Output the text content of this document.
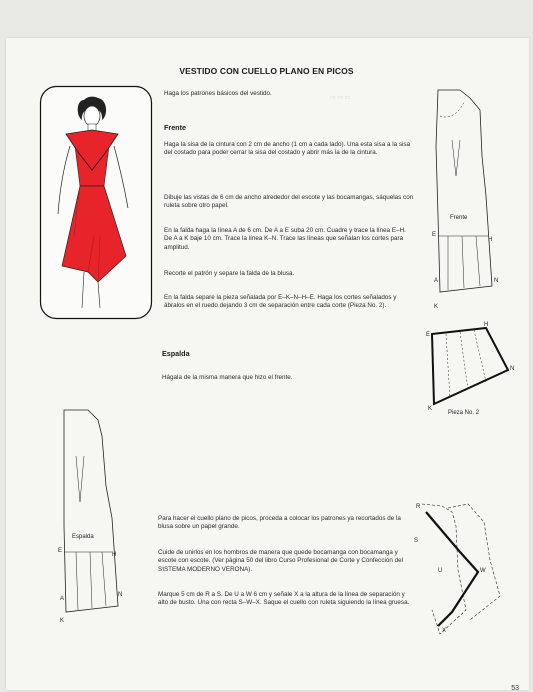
▭ ▭ ▭
VESTIDO CON CUELLO PLANO EN PICOS
Haga los patrones básicos del vestido.
Frente
Haga la sisa de la cintura con 2 cm de ancho (1 cm a cada lado). Una esta sisa a la sisa del costado para poder cerrar la sisa del costado y abrir más la de la cintura.
Dibuje las vistas de 6 cm de ancho alrededor del escote y las bocamangas, sáquelas con ruleta sobre otro papel.
En la falda haga la línea A de 6 cm. De A a E suba 20 cm. Cuadre y trace la línea E–H. De A a K baje 10 cm. Trace la línea K–N. Trace las líneas que señalan los cortes para amplitud.
Recorte el patrón y separe la falda de la blusa.
En la falda separe la pieza señalada por E–K–N–H–E. Haga los cortes señalados y ábralos en el ruedo dejando 3 cm de separación entre cada corte (Pieza No. 2).
Espalda
Hágala de la misma manera que hizo el frente.
Para hacer el cuello plano de picos, proceda a colocar los patrones ya recortados de la blusa sobre un papel grande.
Cuide de unirlos en los hombros de manera que quede bocamanga con bocamanga y escote con escote. (Ver página 50 del libro Curso Profesional de Corte y Confección del SISTEMA MODERNO VERONA).
Marque 5 cm de R a S. De U a W 6 cm y señale X a la altura de la línea de separación y alto de busto. Una con recta S–W–X. Saque el cuello con ruleta siguiendo la línea gruesa.
Frente
E
H
A	N
K
E
H
N
K
Pieza No. 2
Espalda
E
H
A
N
K
R
S
U	W
X
53
